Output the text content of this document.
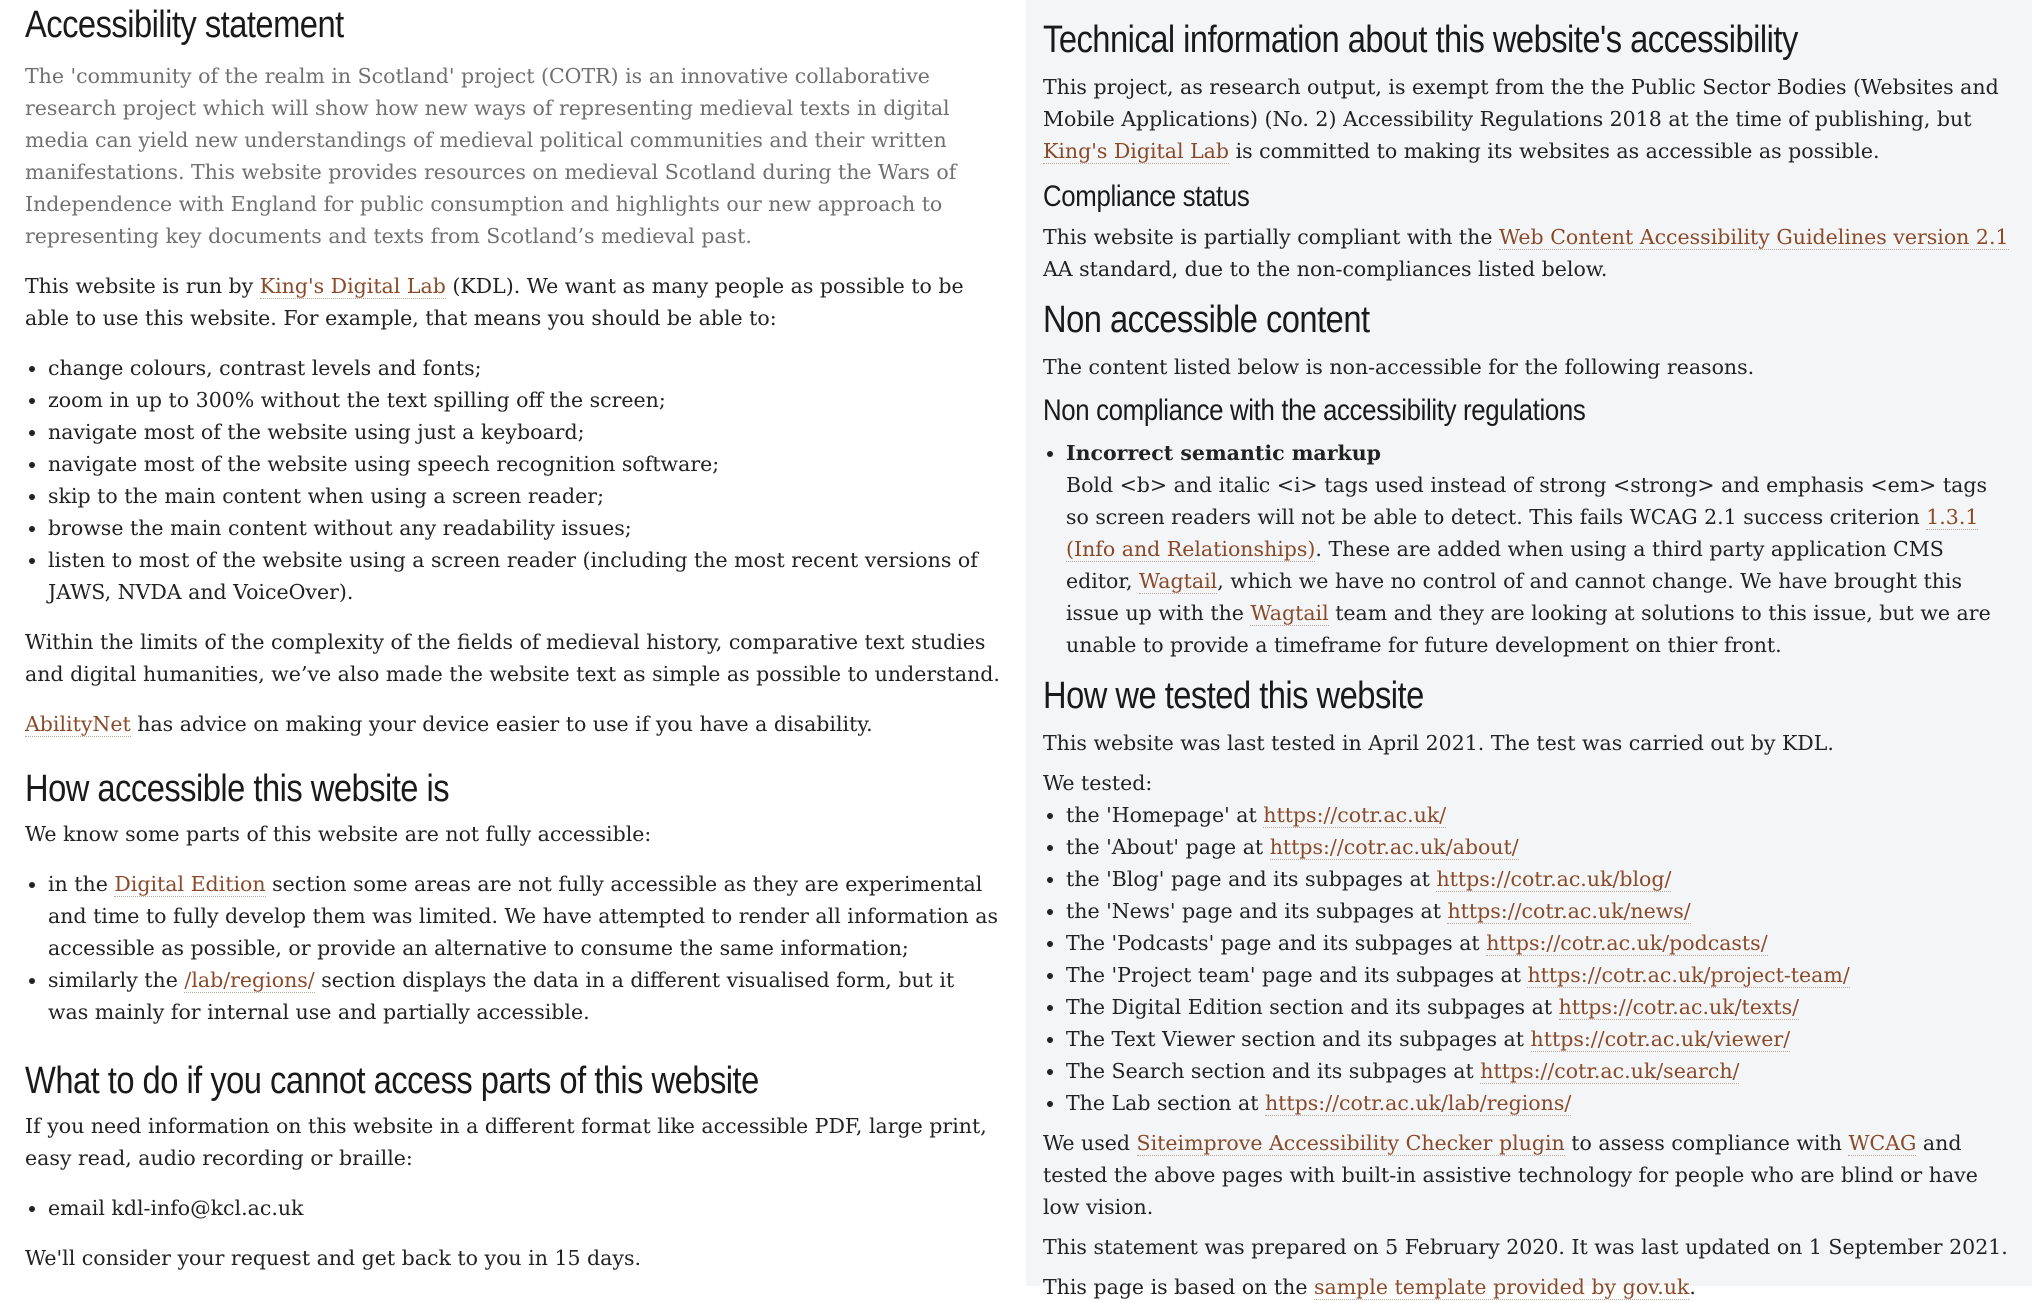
Accessibility statement

The 'community of the realm in Scotland' project (COTR) is an innovative collaborative research project which will show how new ways of representing medieval texts in digital media can yield new understandings of medieval political communities and their written manifestations. This website provides resources on medieval Scotland during the Wars of Independence with England for public consumption and highlights our new approach to representing key documents and texts from Scotland’s medieval past.

This website is run by King's Digital Lab (KDL). We want as many people as possible to be able to use this website. For example, that means you should be able to:

• change colours, contrast levels and fonts;
• zoom in up to 300% without the text spilling off the screen;
• navigate most of the website using just a keyboard;
• navigate most of the website using speech recognition software;
• skip to the main content when using a screen reader;
• browse the main content without any readability issues;
• listen to most of the website using a screen reader (including the most recent versions of JAWS, NVDA and VoiceOver).

Within the limits of the complexity of the fields of medieval history, comparative text studies and digital humanities, we’ve also made the website text as simple as possible to understand.

AbilityNet has advice on making your device easier to use if you have a disability.

How accessible this website is

We know some parts of this website are not fully accessible:

• in the Digital Edition section some areas are not fully accessible as they are experimental and time to fully develop them was limited. We have attempted to render all information as accessible as possible, or provide an alternative to consume the same information;
• similarly the /lab/regions/ section displays the data in a different visualised form, but it was mainly for internal use and partially accessible.
What to do if you cannot access parts of this website

If you need information on this website in a different format like accessible PDF, large print, easy read, audio recording or braille:

• email kdl-info@kcl.ac.uk

We'll consider your request and get back to you in 15 days.

Technical information about this website's accessibility

This project, as research output, is exempt from the the Public Sector Bodies (Websites and Mobile Applications) (No. 2) Accessibility Regulations 2018 at the time of publishing, but King's Digital Lab is committed to making its websites as accessible as possible.

Compliance status

This website is partially compliant with the Web Content Accessibility Guidelines version 2.1 AA standard, due to the non-compliances listed below.

Non accessible content

The content listed below is non-accessible for the following reasons.

Non compliance with the accessibility regulations
• Incorrect semantic markup
Bold <b> and italic <i> tags used instead of strong <strong> and emphasis <em> tags so screen readers will not be able to detect. This fails WCAG 2.1 success criterion 1.3.1 (Info and Relationships). These are added when using a third party application CMS editor, Wagtail, which we have no control of and cannot change. We have brought this issue up with the Wagtail team and they are looking at solutions to this issue, but we are unable to provide a timeframe for future development on thier front.
How we tested this website

This website was last tested in April 2021. The test was carried out by KDL.

We tested:

• the 'Homepage' at https://cotr.ac.uk/
• the 'About' page at https://cotr.ac.uk/about/
• the 'Blog' page and its subpages at https://cotr.ac.uk/blog/
• the 'News' page and its subpages at https://cotr.ac.uk/news/
• The 'Podcasts' page and its subpages at https://cotr.ac.uk/podcasts/
• The 'Project team' page and its subpages at https://cotr.ac.uk/project-team/
• The Digital Edition section and its subpages at https://cotr.ac.uk/texts/
• The Text Viewer section and its subpages at https://cotr.ac.uk/viewer/
• The Search section and its subpages at https://cotr.ac.uk/search/
• The Lab section at https://cotr.ac.uk/lab/regions/

We used Siteimprove Accessibility Checker plugin to assess compliance with WCAG and tested the above pages with built-in assistive technology for people who are blind or have low vision.

This statement was prepared on 5 February 2020. It was last updated on 1 September 2021.

This page is based on the sample template provided by gov.uk.
